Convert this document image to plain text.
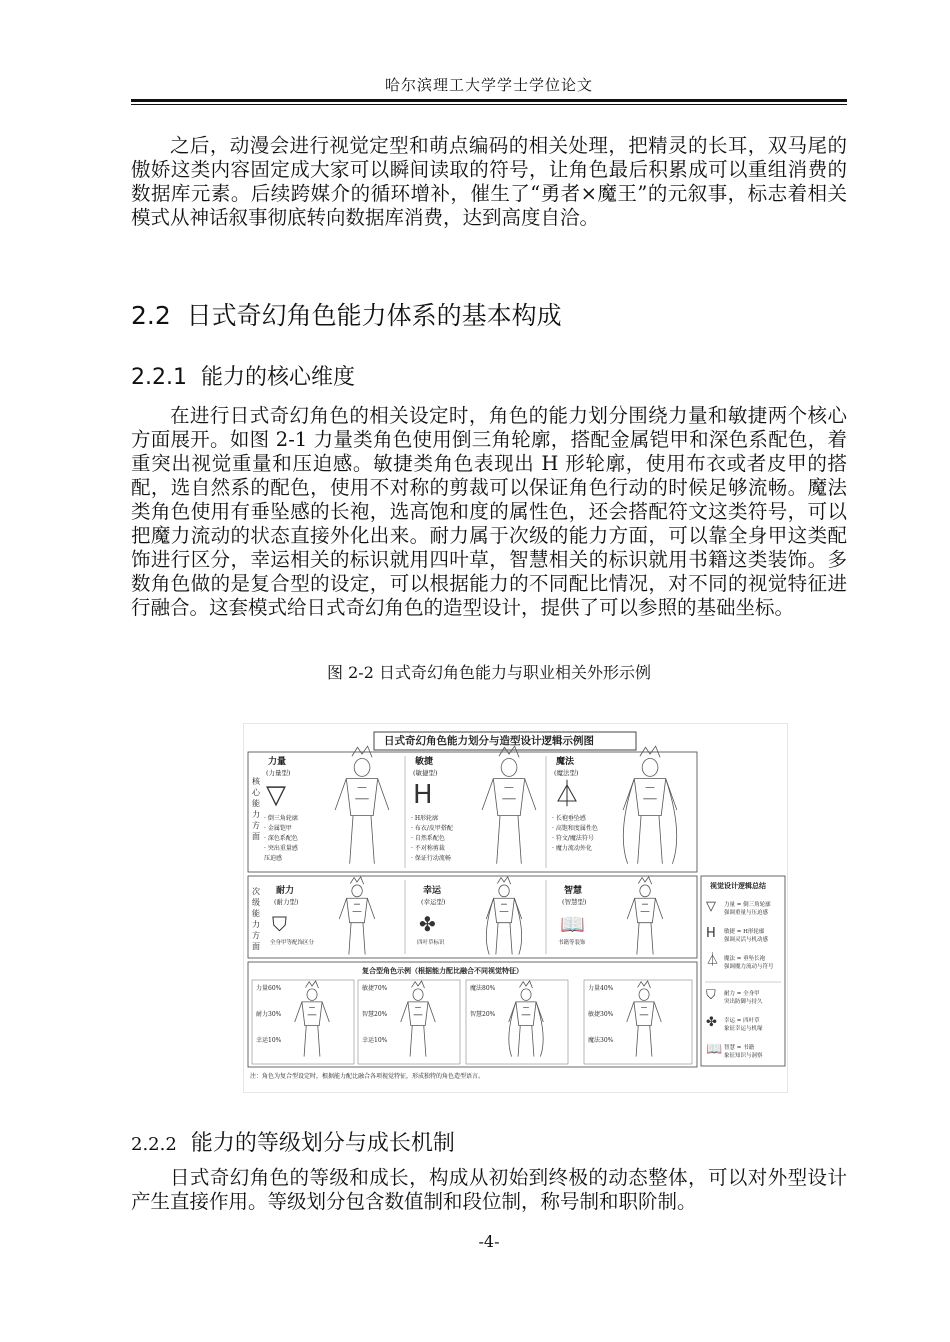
哈尔滨理工大学学士学位论文

之后，动漫会进行视觉定型和萌点编码的相关处理，把精灵的长耳，双马尾的傲娇这类内容固定成大家可以瞬间读取的符号，让角色最后积累成可以重组消费的数据库元素。后续跨媒介的循环增补，催生了“勇者×魔王”的元叙事，标志着相关模式从神话叙事彻底转向数据库消费，达到高度自洽。

2.2 日式奇幻角色能力体系的基本构成
2.2.1 能力的核心维度

在进行日式奇幻角色的相关设定时，角色的能力划分围绕力量和敏捷两个核心方面展开。如图 2-1 力量类角色使用倒三角轮廓，搭配金属铠甲和深色系配色，着重突出视觉重量和压迫感。敏捷类角色表现出 H 形轮廓，使用布衣或者皮甲的搭配，选自然系的配色，使用不对称的剪裁可以保证角色行动的时候足够流畅。魔法类角色使用有垂坠感的长袍，选高饱和度的属性色，还会搭配符文这类符号，可以把魔力流动的状态直接外化出来。耐力属于次级的能力方面，可以靠全身甲这类配饰进行区分，幸运相关的标识就用四叶草，智慧相关的标识就用书籍这类装饰。多数角色做的是复合型的设定，可以根据能力的不同配比情况，对不同的视觉特征进行融合。这套模式给日式奇幻角色的造型设计，提供了可以参照的基础坐标。

图 2-2 日式奇幻角色能力与职业相关外形示例
日式奇幻角色能力划分与造型设计逻辑示例图
核心能力方面
力量
(力量型)
▽
· 倒三角轮廓
· 金属铠甲
· 深色系配色
· 突出重量感
压迫感
敏捷
(敏捷型)
H
· H形轮廓
· 布衣/皮甲搭配
· 自然系配色
· 不对称剪裁
· 保证行动流畅
魔法
(魔法型)
⏃
· 长袍垂坠感
· 高饱和度属性色
· 符文/魔法符号
· 魔力流动外化
次级能力方面
耐力
(耐力型)
⛉
全身甲等配饰区分
幸运
(幸运型)
✤
四叶草标识
智慧
(智慧型)
📖
书籍等装饰
复合型角色示例（根据能力配比融合不同视觉特征）
力量60%
耐力30%
幸运10%
敏捷70%
智慧20%
幸运10%
魔法80%
智慧20%
力量40%
敏捷30%
魔法30%
视觉设计逻辑总结
▽ 力量 = 倒三角轮廓
强调重量与压迫感
H 敏捷 = H形轮廓
强调灵活与机动感
⏃ 魔法 = 垂坠长袍
强调魔力流动与符号
⛉ 耐力 = 全身甲
突出防御与持久
✤ 幸运 = 四叶草
象征幸运与机缘
📖 智慧 = 书籍
象征知识与洞察
注：角色为复合型设定时，根据能力配比融合各项视觉特征，形成独特的角色造型语言。
2.2.2 能力的等级划分与成长机制

日式奇幻角色的等级和成长，构成从初始到终极的动态整体，可以对外型设计产生直接作用。等级划分包含数值制和段位制，称号制和职阶制。

-4-
